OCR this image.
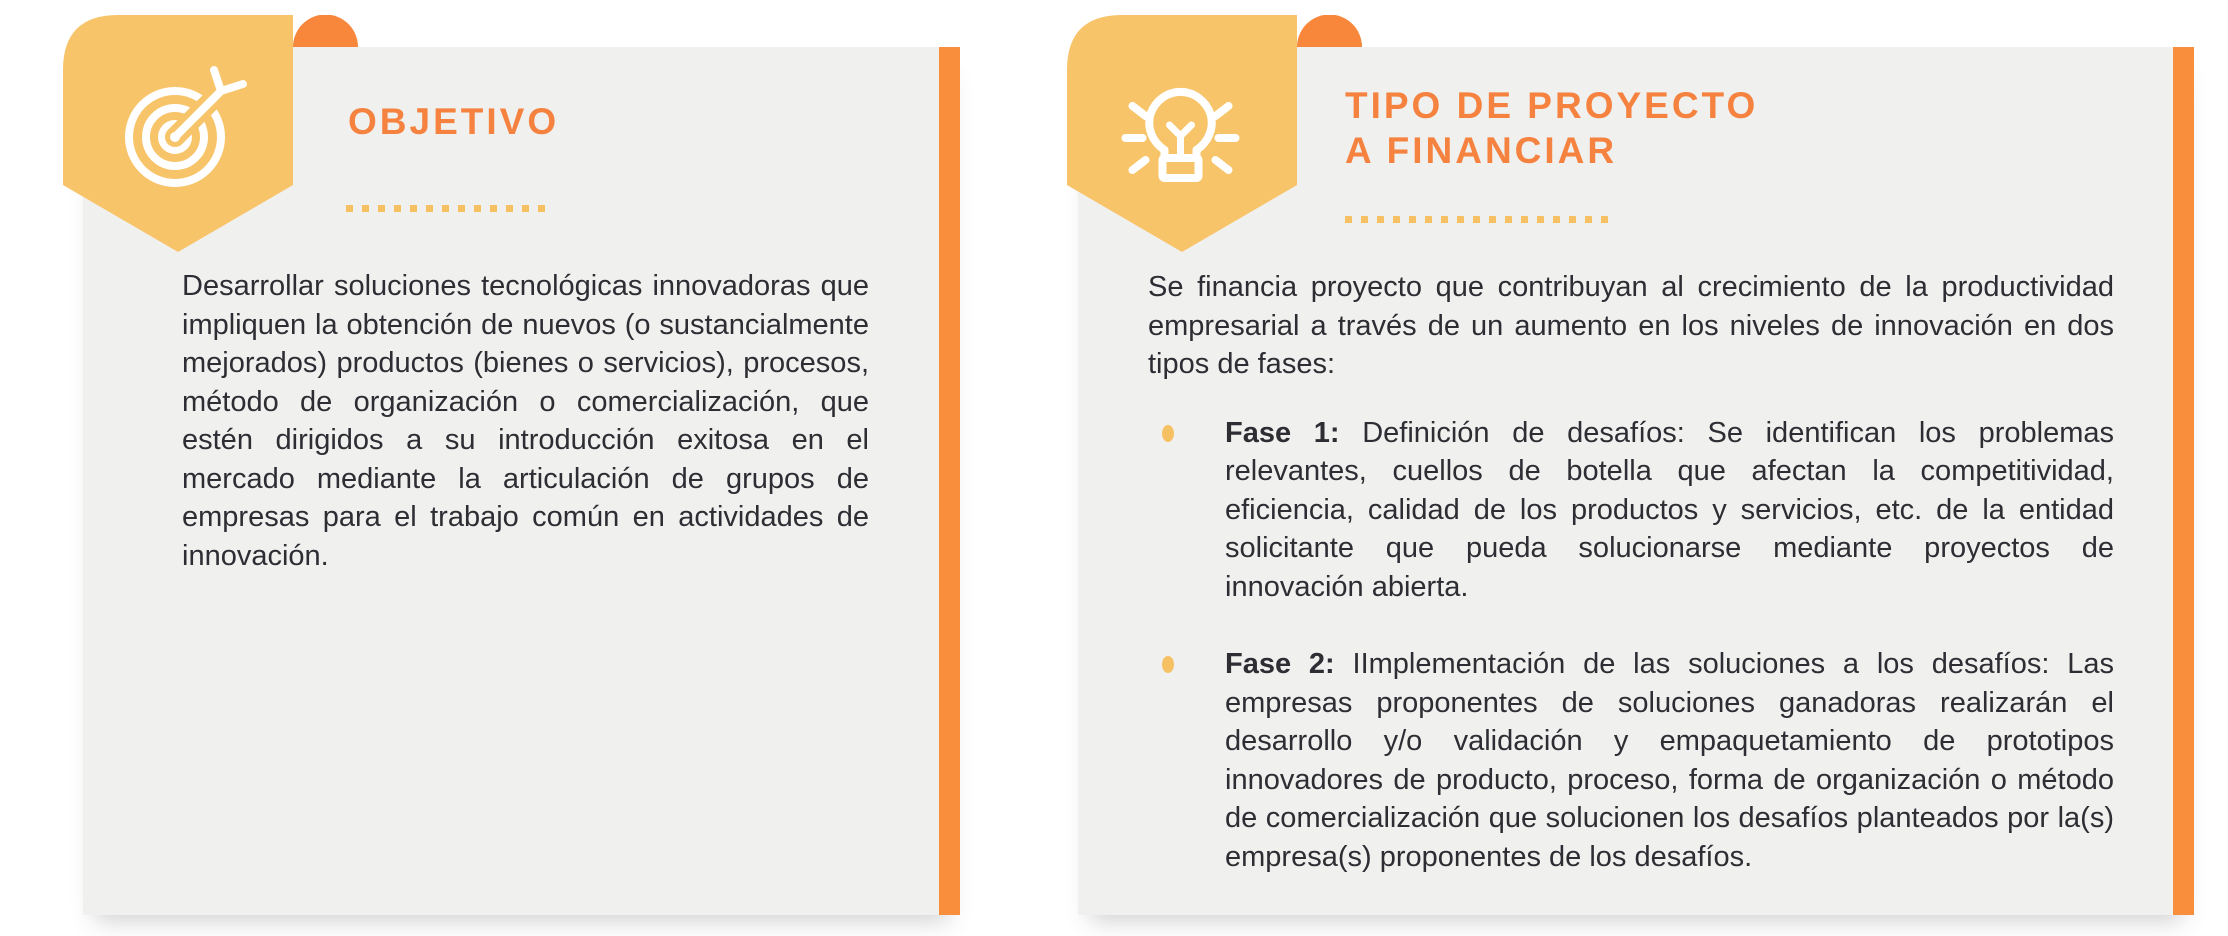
OBJETIVO

Desarrollar soluciones tecnológicas innovadoras que impliquen la obtención de nuevos (o sustancialmente mejorados) productos (bienes o servicios), procesos, método de organización o comercialización, que estén dirigidos a su introducción exitosa en el mercado mediante la articulación de grupos de empresas para el trabajo común en actividades de innovación.

TIPO DE PROYECTO
A FINANCIAR

Se financia proyecto que contribuyan al crecimiento de la productividad empresarial a través de un aumento en los niveles de innovación en dos tipos de fases:

Fase 1: Definición de desafíos: Se identifican los problemas relevantes, cuellos de botella que afectan la competitividad, eficiencia, calidad de los productos y servicios, etc. de la entidad solicitante que pueda solucionarse mediante proyectos de innovación abierta.
Fase 2: IImplementación de las soluciones a los desafíos: Las empresas proponentes de soluciones ganadoras realizarán el desarrollo y/o validación y empaquetamiento de prototipos innovadores de producto, proceso, forma de organización o método de comercialización que solucionen los desafíos planteados por la(s) empresa(s) proponentes de los desafíos.
